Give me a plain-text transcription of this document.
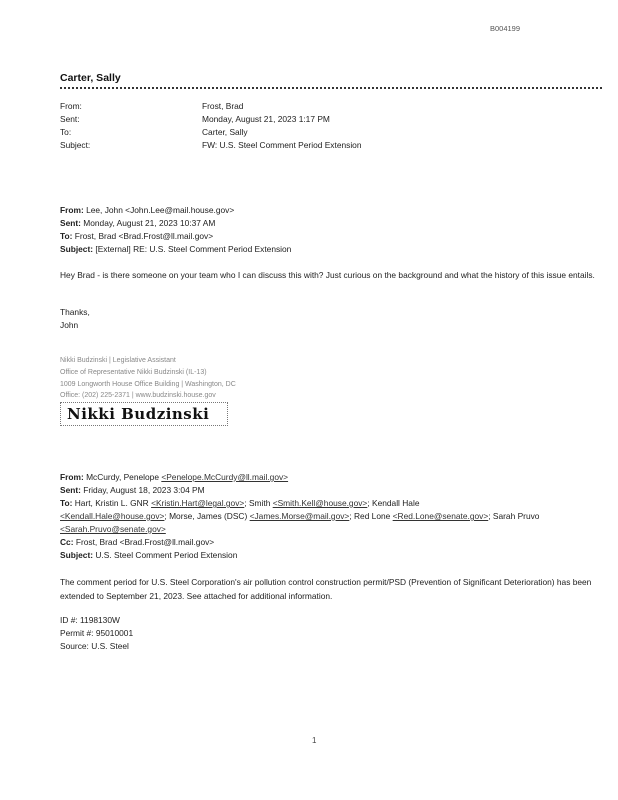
B004199
Carter, Sally
From:	Frost, Brad
Sent:	Monday, August 21, 2023 1:17 PM
To:	Carter, Sally
Subject:	FW: U.S. Steel Comment Period Extension
From: Lee, John <John.Lee@mail.house.gov>
Sent: Monday, August 21, 2023 10:37 AM
To: Frost, Brad <Brad.Frost@ll.mail.gov>
Subject: [External] RE: U.S. Steel Comment Period Extension
Hey Brad - is there someone on your team who I can discuss this with? Just curious on the background and what the history of this issue entails.
Thanks,
John
Nikki Budzinski | Legislative Assistant
Office of Representative Nikki Budzinski (IL-13)
1009 Longworth House Office Building | Washington, DC
Office: (202) 225-2371 | www.budzinski.house.gov
Nikki Budzinski
From: McCurdy, Penelope <Penelope.McCurdy@ll.mail.gov>
Sent: Friday, August 18, 2023 3:04 PM
To: Hart, Kristin L. GNR <Kristin.Hart@legal.gov>; Smith <Smith.Kell@house.gov>; Kendall Hale
<Kendall.Hale@house.gov>; Morse, James (DSC) <James.Morse@mail.gov>; Red Lone <Red.Lone@senate.gov>; Sarah Pruvo
<Sarah.Pruvo@senate.gov>
Cc: Frost, Brad <Brad.Frost@ll.mail.gov>
Subject: U.S. Steel Comment Period Extension
The comment period for U.S. Steel Corporation's air pollution control construction permit/PSD (Prevention of Significant Deterioration) has been extended to September 21, 2023. See attached for additional information.
ID #: 1198130W
Permit #: 95010001
Source: U.S. Steel
1
